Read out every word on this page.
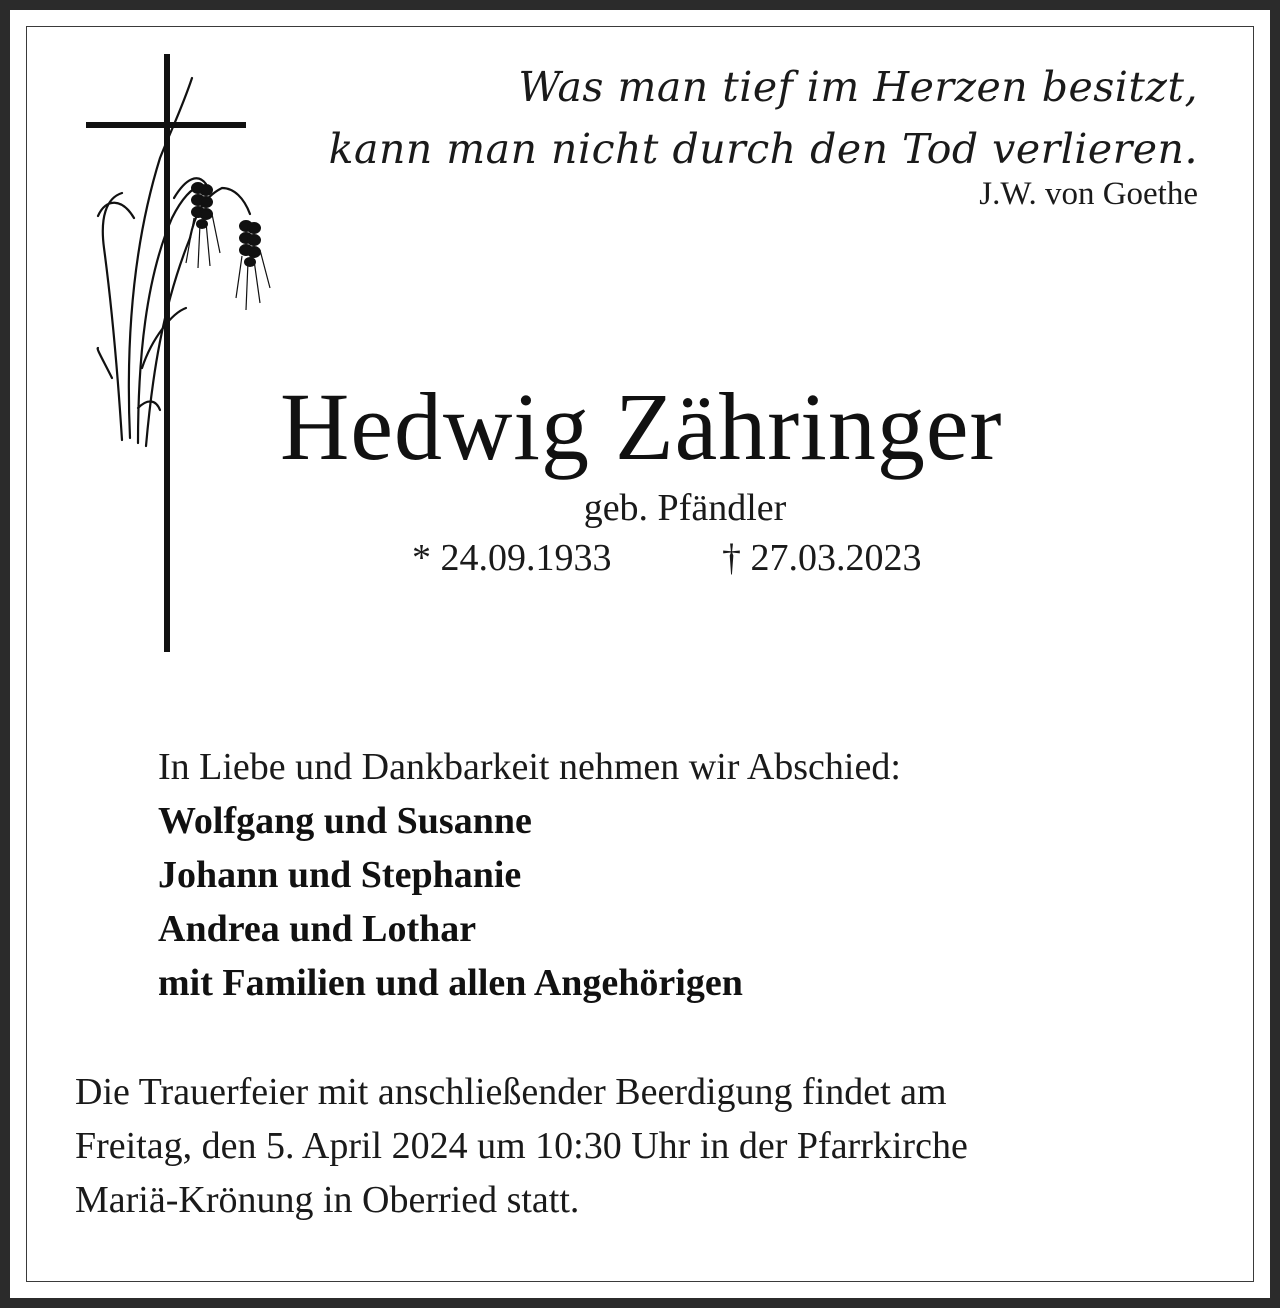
Was man tief im Herzen besitzt,
kann man nicht durch den Tod verlieren.
J.W. von Goethe
Hedwig Zähringer
geb. Pfändler
* 24.09.1933	† 27.03.2023
In Liebe und Dankbarkeit nehmen wir Abschied:
Wolfgang und Susanne
Johann und Stephanie
Andrea und Lothar
mit Familien und allen Angehörigen
Die Trauerfeier mit anschließender Beerdigung findet am
Freitag, den 5. April 2024 um 10:30 Uhr in der Pfarrkirche
Mariä-Krönung in Oberried statt.
